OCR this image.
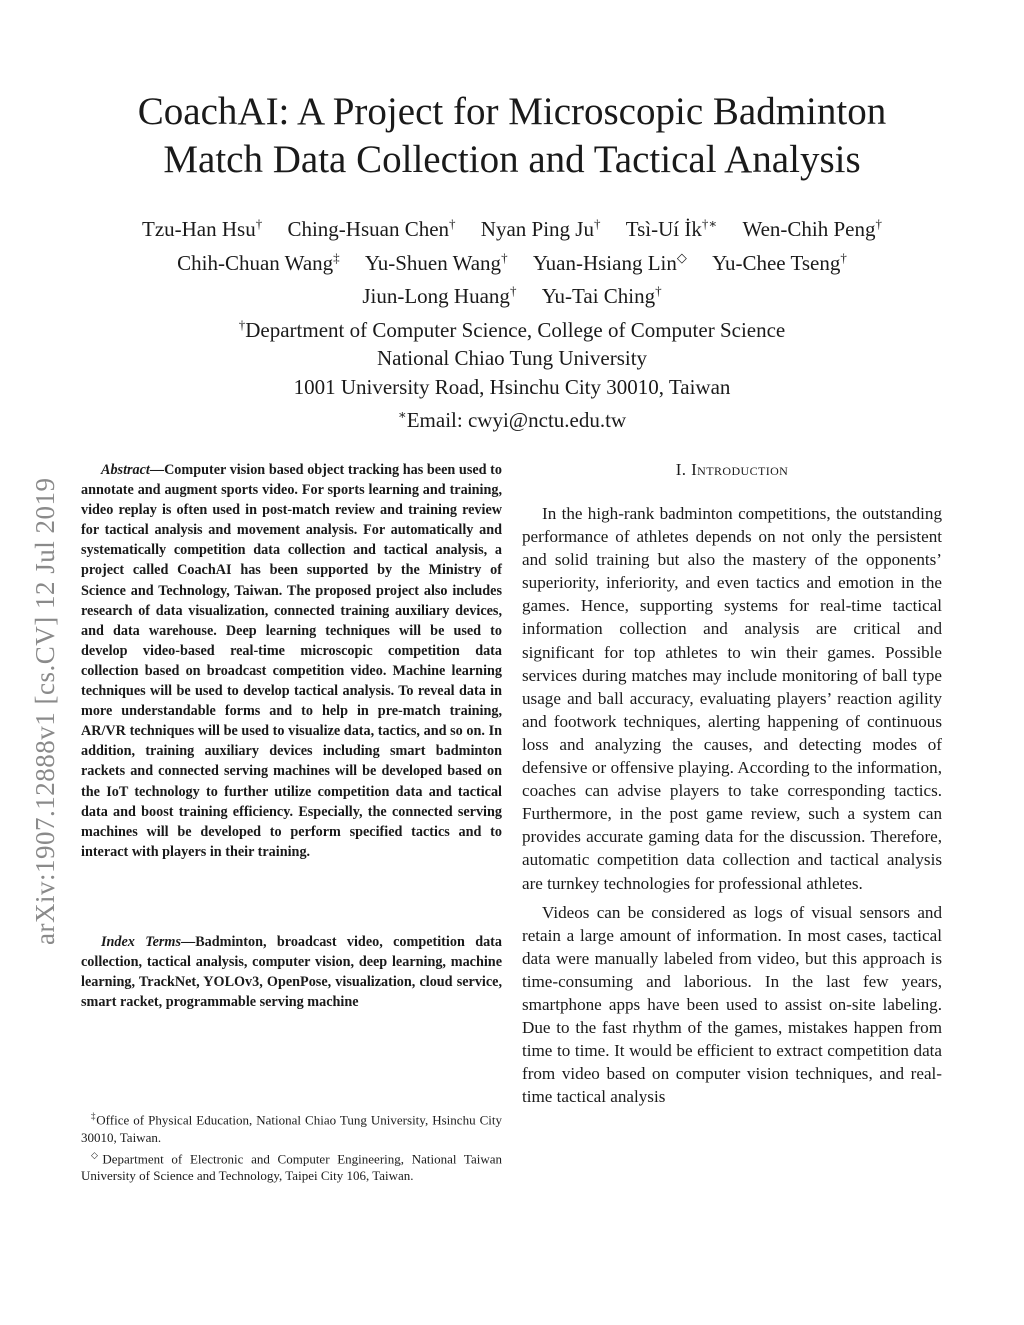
arXiv:1907.12888v1 [cs.CV] 12 Jul 2019
CoachAI: A Project for Microscopic Badminton
Match Data Collection and Tactical Analysis
Tzu-Han Hsu† Ching-Hsuan Chen† Nyan Ping Ju† Tsì-Uí İk†∗ Wen-Chih Peng†
Chih-Chuan Wang‡ Yu-Shuen Wang† Yuan-Hsiang Lin◇ Yu-Chee Tseng†
Jiun-Long Huang† Yu-Tai Ching†
†Department of Computer Science, College of Computer Science
National Chiao Tung University
1001 University Road, Hsinchu City 30010, Taiwan
∗Email: cwyi@nctu.edu.tw

Abstract—Computer vision based object tracking has been used to annotate and augment sports video. For sports learning and training, video replay is often used in post-match review and training review for tactical analysis and movement analysis. For automatically and systematically competition data collection and tactical analysis, a project called CoachAI has been supported by the Ministry of Science and Technology, Taiwan. The proposed project also includes research of data visualization, connected training auxiliary devices, and data warehouse. Deep learning techniques will be used to develop video-based real-time microscopic competition data collection based on broadcast competition video. Machine learning techniques will be used to develop tactical analysis. To reveal data in more understandable forms and to help in pre-match training, AR/VR techniques will be used to visualize data, tactics, and so on. In addition, training auxiliary devices including smart badminton rackets and connected serving machines will be developed based on the IoT technology to further utilize competition data and tactical data and boost training efficiency. Especially, the connected serving machines will be developed to perform specified tactics and to interact with players in their training.

Index Terms—Badminton, broadcast video, competition data collection, tactical analysis, computer vision, deep learning, machine learning, TrackNet, YOLOv3, OpenPose, visualization, cloud service, smart racket, programmable serving machine

‡Office of Physical Education, National Chiao Tung University, Hsinchu City 30010, Taiwan.

◇Department of Electronic and Computer Engineering, National Taiwan University of Science and Technology, Taipei City 106, Taiwan.

I. Introduction

In the high-rank badminton competitions, the outstanding performance of athletes depends on not only the persistent and solid training but also the mastery of the opponents’ superiority, inferiority, and even tactics and emotion in the games. Hence, supporting systems for real-time tactical information collection and analysis are critical and significant for top athletes to win their games. Possible services during matches may include monitoring of ball type usage and ball accuracy, evaluating players’ reaction agility and footwork techniques, alerting happening of continuous loss and analyzing the causes, and detecting modes of defensive or offensive playing. According to the information, coaches can advise players to take corresponding tactics. Furthermore, in the post game review, such a system can provides accurate gaming data for the discussion. Therefore, automatic competition data collection and tactical analysis are turnkey technologies for professional athletes.

Videos can be considered as logs of visual sensors and retain a large amount of information. In most cases, tactical data were manually labeled from video, but this approach is time-consuming and laborious. In the last few years, smartphone apps have been used to assist on-site labeling. Due to the fast rhythm of the games, mistakes happen from time to time. It would be efficient to extract competition data from video based on computer vision techniques, and real-time tactical analysis
